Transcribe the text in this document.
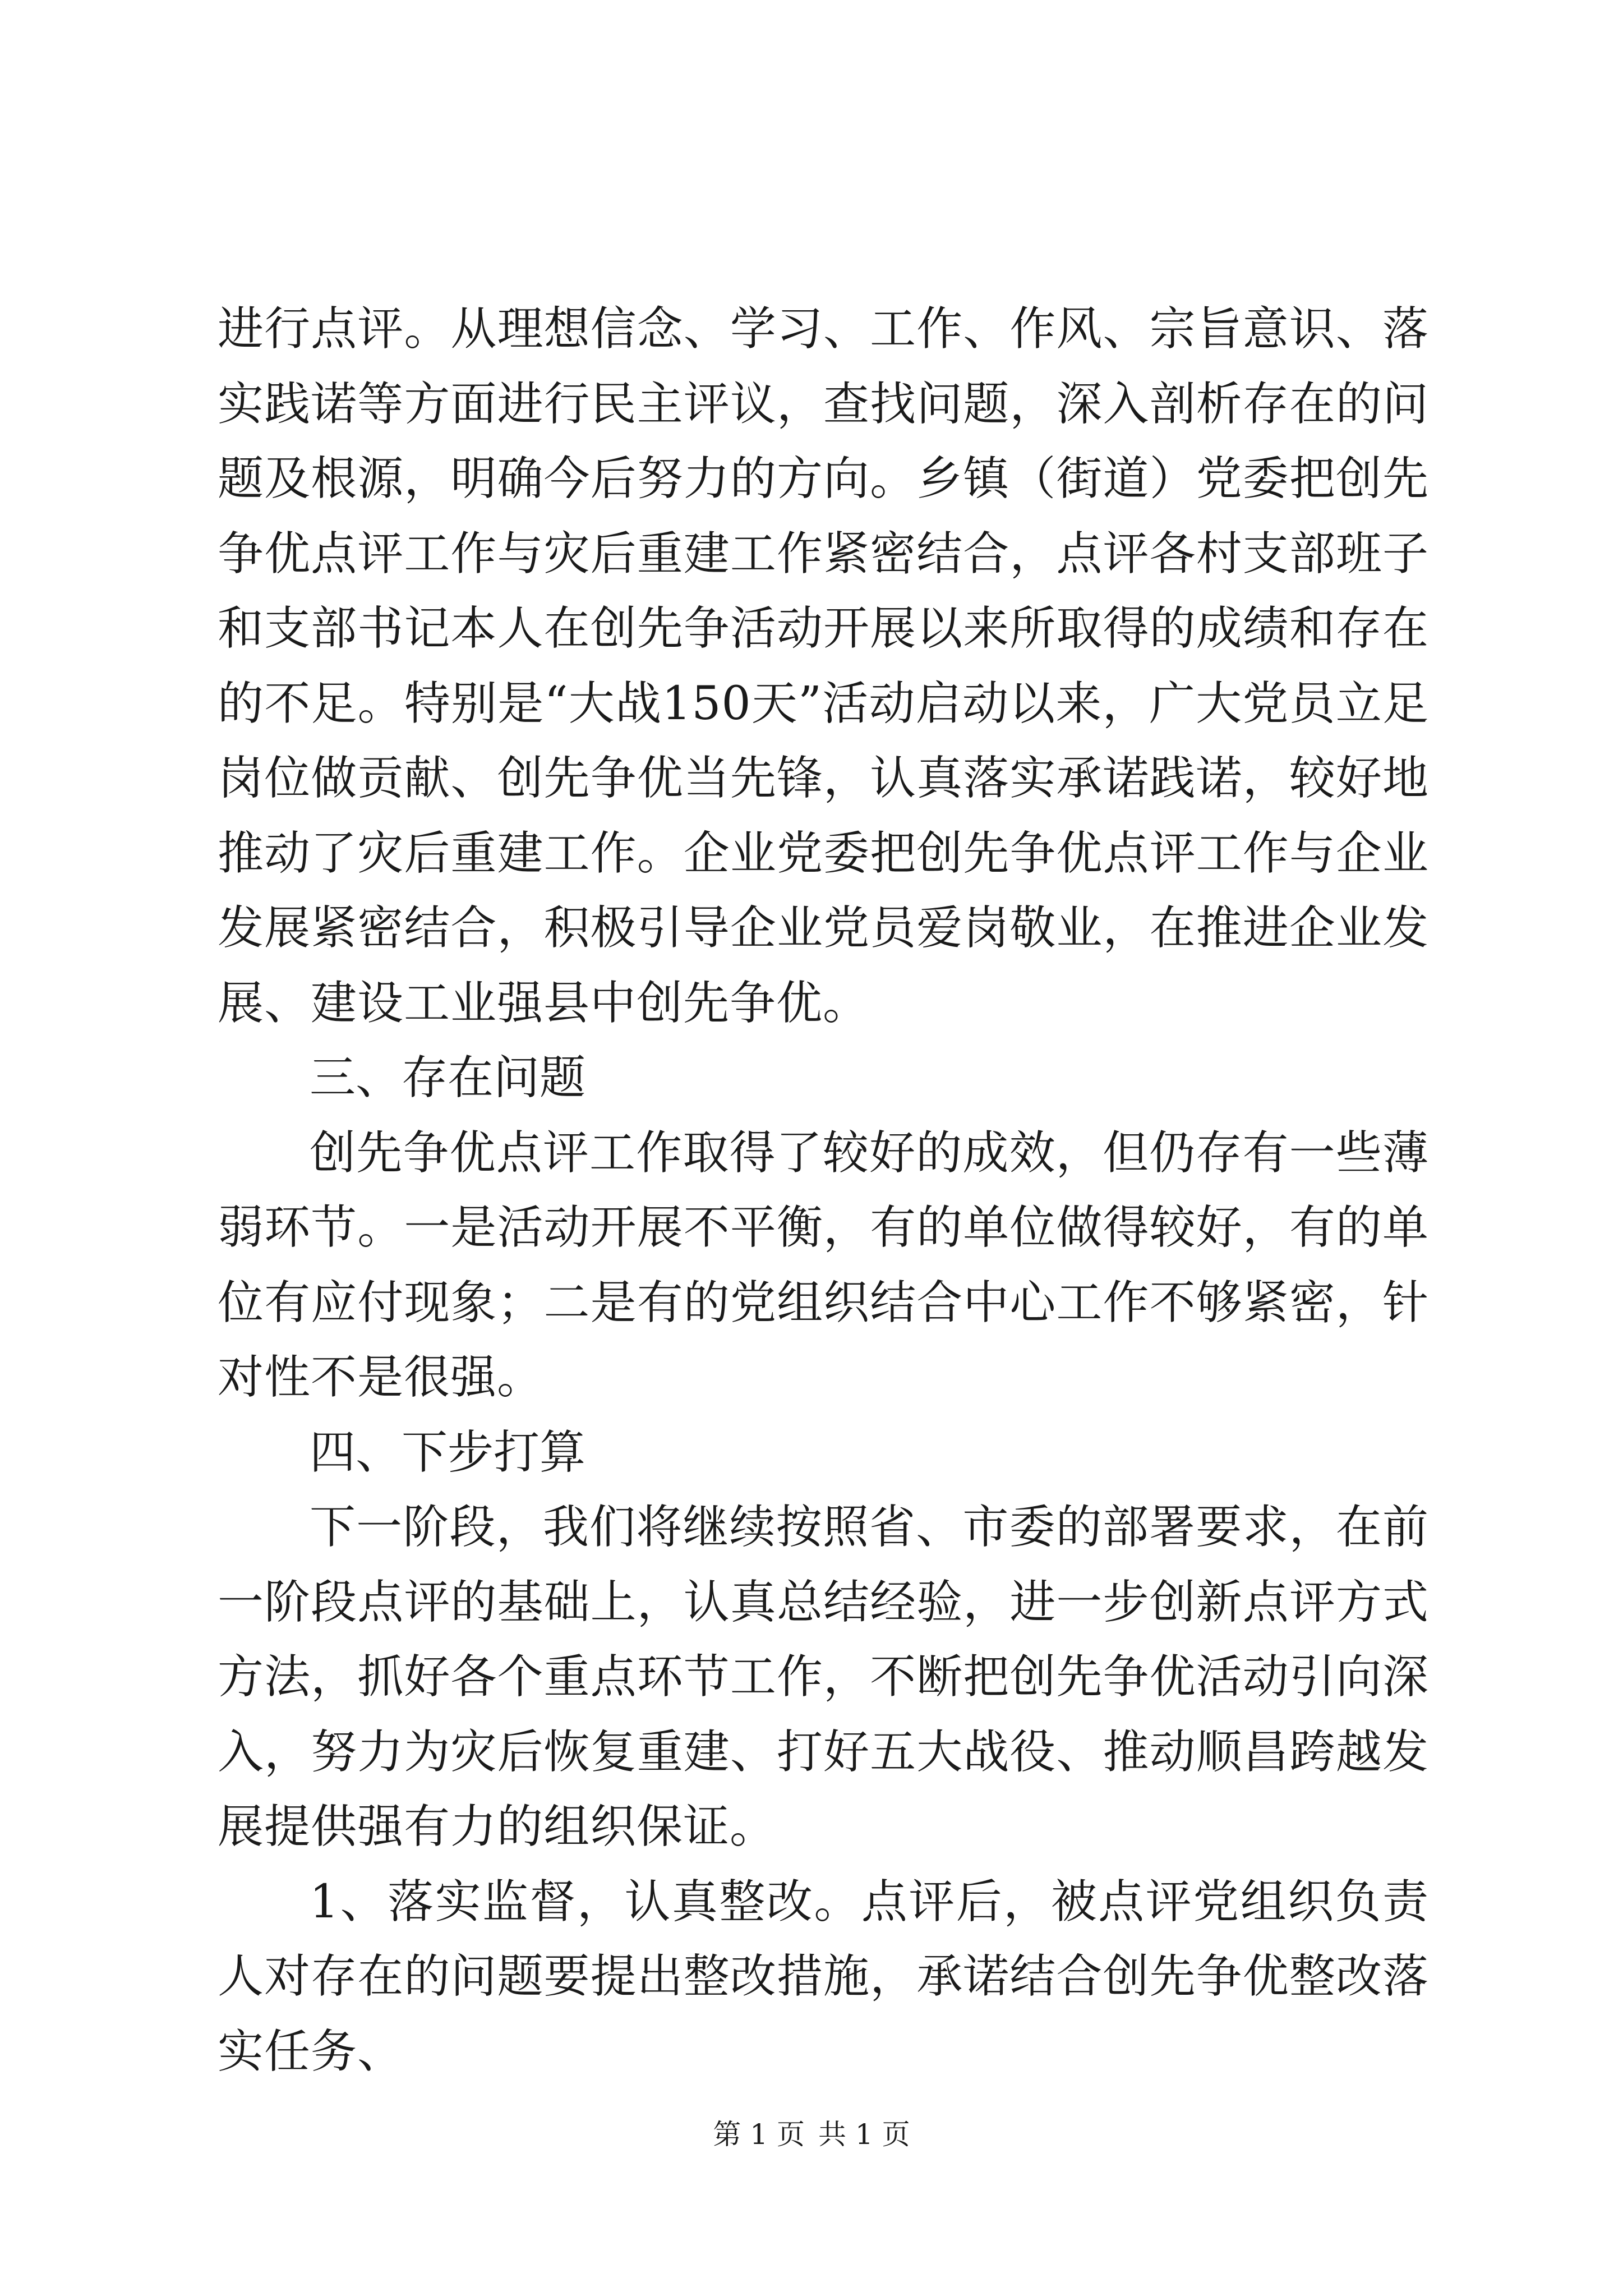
进行点评。从理想信念、学习、工作、作风、宗旨意识、落实践诺等方面进行民主评议，查找问题，深入剖析存在的问题及根源，明确今后努力的方向。乡镇（街道）党委把创先争优点评工作与灾后重建工作紧密结合，点评各村支部班子和支部书记本人在创先争活动开展以来所取得的成绩和存在的不足。特别是“大战150天”活动启动以来，广大党员立足岗位做贡献、创先争优当先锋，认真落实承诺践诺，较好地推动了灾后重建工作。企业党委把创先争优点评工作与企业发展紧密结合，积极引导企业党员爱岗敬业，在推进企业发展、建设工业强县中创先争优。

三、存在问题

创先争优点评工作取得了较好的成效，但仍存有一些薄弱环节。一是活动开展不平衡，有的单位做得较好，有的单位有应付现象；二是有的党组织结合中心工作不够紧密，针对性不是很强。

四、下步打算

下一阶段，我们将继续按照省、市委的部署要求，在前一阶段点评的基础上，认真总结经验，进一步创新点评方式方法，抓好各个重点环节工作，不断把创先争优活动引向深入，努力为灾后恢复重建、打好五大战役、推动顺昌跨越发展提供强有力的组织保证。

1、落实监督，认真整改。点评后，被点评党组织负责人对存在的问题要提出整改措施，承诺结合创先争优整改落实任务、

第 1 页 共 1 页
